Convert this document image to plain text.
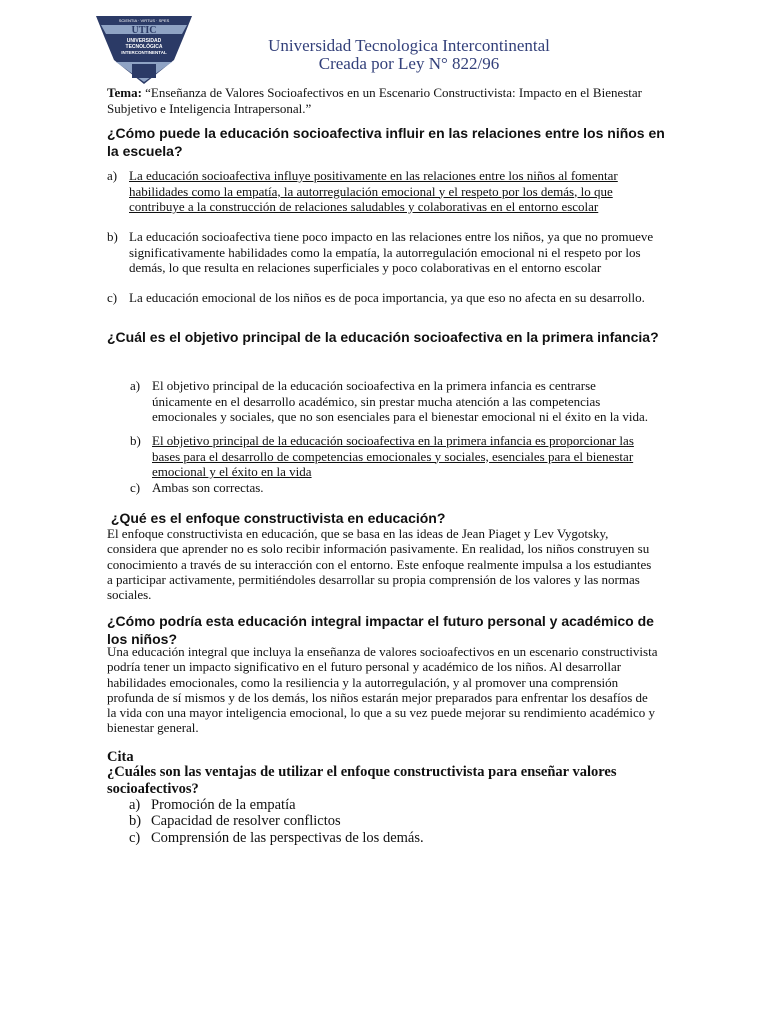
SCIENTIA · VIRTUS · SPES
UTIC
UNIVERSIDAD
TECNOLÓGICA
INTERCONTINENTAL	Universidad Tecnologica Intercontinental
Creada por Ley N° 822/96
Tema: “Enseñanza de Valores Socioafectivos en un Escenario Constructivista: Impacto en el Bienestar Subjetivo e Inteligencia Intrapersonal.”
¿Cómo puede la educación socioafectiva influir en las relaciones entre los niños en la escuela?
a) La educación socioafectiva influye positivamente en las relaciones entre los niños al fomentar habilidades como la empatía, la autorregulación emocional y el respeto por los demás, lo que contribuye a la construcción de relaciones saludables y colaborativas en el entorno escolar
b) La educación socioafectiva tiene poco impacto en las relaciones entre los niños, ya que no promueve significativamente habilidades como la empatía, la autorregulación emocional ni el respeto por los demás, lo que resulta en relaciones superficiales y poco colaborativas en el entorno escolar
c) La educación emocional de los niños es de poca importancia, ya que eso no afecta en su desarrollo.
¿Cuál es el objetivo principal de la educación socioafectiva en la primera infancia?
a) El objetivo principal de la educación socioafectiva en la primera infancia es centrarse únicamente en el desarrollo académico, sin prestar mucha atención a las competencias emocionales y sociales, que no son esenciales para el bienestar emocional ni el éxito en la vida.
b) El objetivo principal de la educación socioafectiva en la primera infancia es proporcionar las bases para el desarrollo de competencias emocionales y sociales, esenciales para el bienestar emocional y el éxito en la vida
c) Ambas son correctas.
¿Qué es el enfoque constructivista en educación?
El enfoque constructivista en educación, que se basa en las ideas de Jean Piaget y Lev Vygotsky, considera que aprender no es solo recibir información pasivamente. En realidad, los niños construyen su conocimiento a través de su interacción con el entorno. Este enfoque realmente impulsa a los estudiantes a participar activamente, permitiéndoles desarrollar su propia comprensión de los valores y las normas sociales.
¿Cómo podría esta educación integral impactar el futuro personal y académico de los niños?
Una educación integral que incluya la enseñanza de valores socioafectivos en un escenario constructivista podría tener un impacto significativo en el futuro personal y académico de los niños. Al desarrollar habilidades emocionales, como la resiliencia y la autorregulación, y al promover una comprensión profunda de sí mismos y de los demás, los niños estarán mejor preparados para enfrentar los desafíos de la vida con una mayor inteligencia emocional, lo que a su vez puede mejorar su rendimiento académico y bienestar general.
Cita
¿Cuáles son las ventajas de utilizar el enfoque constructivista para enseñar valores socioafectivos?
a) Promoción de la empatía
b) Capacidad de resolver conflictos
c) Comprensión de las perspectivas de los demás.
